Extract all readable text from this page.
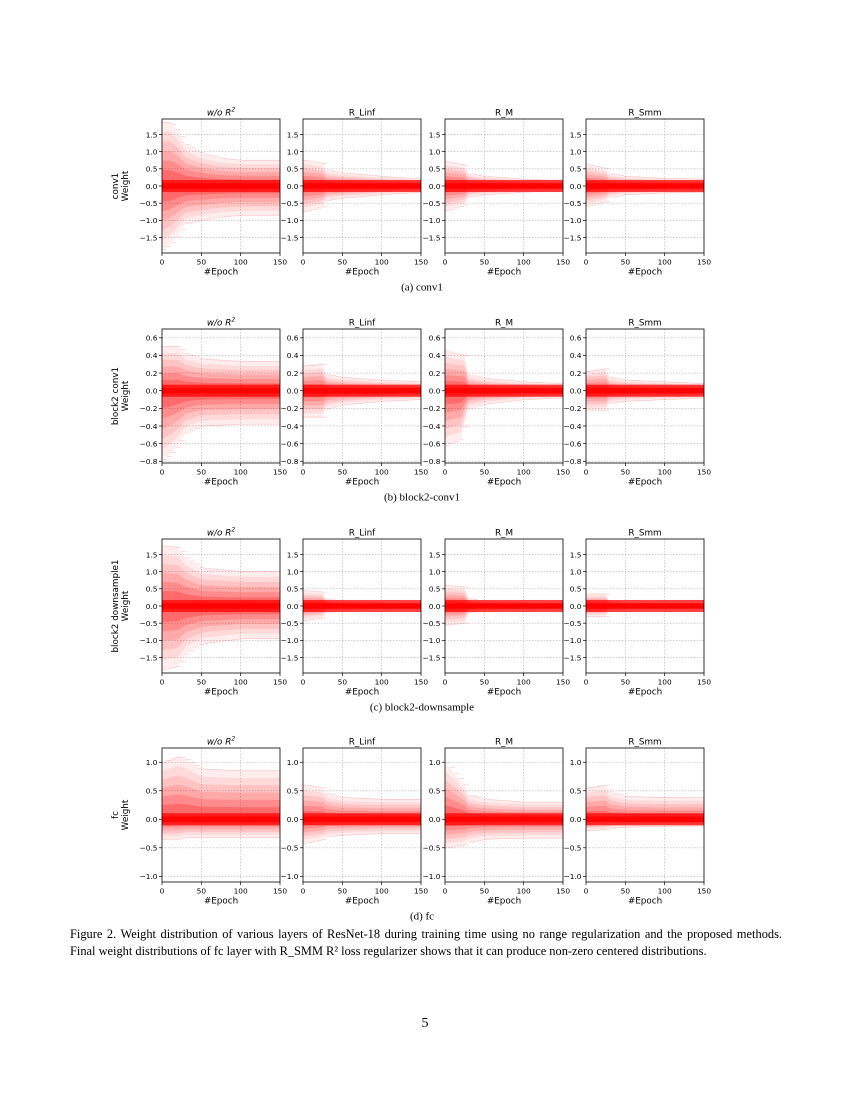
1.5
1.0
0.5
0.0
−0.5
−1.0
−1.5
0	50	100	150
#Epoch
w/o $R^2$
1.5
1.0
0.5
0.0
−0.5
−1.0
−1.5
0	50	100	150
#Epoch
R_Linf
1.5
1.0
0.5
0.0
−0.5
−1.0
−1.5
0	50	100	150
#Epoch
R_M
1.5
1.0
0.5
0.0
−0.5
−1.0
−1.5
0	50	100	150
#Epoch
R_Smm
conv1 Weight
(a) conv1
0.6
0.4
0.2
0.0
−0.2
−0.4
−0.6
−0.8
0	50	100	150
#Epoch
w/o $R^2$
0.6
0.4
0.2
0.0
−0.2
−0.4
−0.6
−0.8
0	50	100	150
#Epoch
R_Linf
0.6
0.4
0.2
0.0
−0.2
−0.4
−0.6
−0.8
0	50	100	150
#Epoch
R_M
0.6
0.4
0.2
0.0
−0.2
−0.4
−0.6
−0.8
0	50	100	150
#Epoch
R_Smm
block2 conv1 Weight
(b) block2-conv1
1.5
1.0
0.5
0.0
−0.5
−1.0
−1.5
0	50	100	150
#Epoch
w/o $R^2$
1.5
1.0
0.5
0.0
−0.5
−1.0
−1.5
0	50	100	150
#Epoch
R_Linf
1.5
1.0
0.5
0.0
−0.5
−1.0
−1.5
0	50	100	150
#Epoch
R_M
1.5
1.0
0.5
0.0
−0.5
−1.0
−1.5
0	50	100	150
#Epoch
R_Smm
block2 downsample1 Weight
(c) block2-downsample
1.0
0.5
0.0
−0.5
−1.0
0	50	100	150
#Epoch
w/o $R^2$
1.0
0.5
0.0
−0.5
−1.0
0	50	100	150
#Epoch
R_Linf
1.0
0.5
0.0
−0.5
−1.0
0	50	100	150
#Epoch
R_M
1.0
0.5
0.0
−0.5
−1.0
0	50	100	150
#Epoch
R_Smm
fc Weight
(d) fc
Figure 2. Weight distribution of various layers of ResNet-18 during training time using no range regularization and the proposed methods. Final weight distributions of fc layer with R_SMM R² loss regularizer shows that it can produce non-zero centered distributions.
5
